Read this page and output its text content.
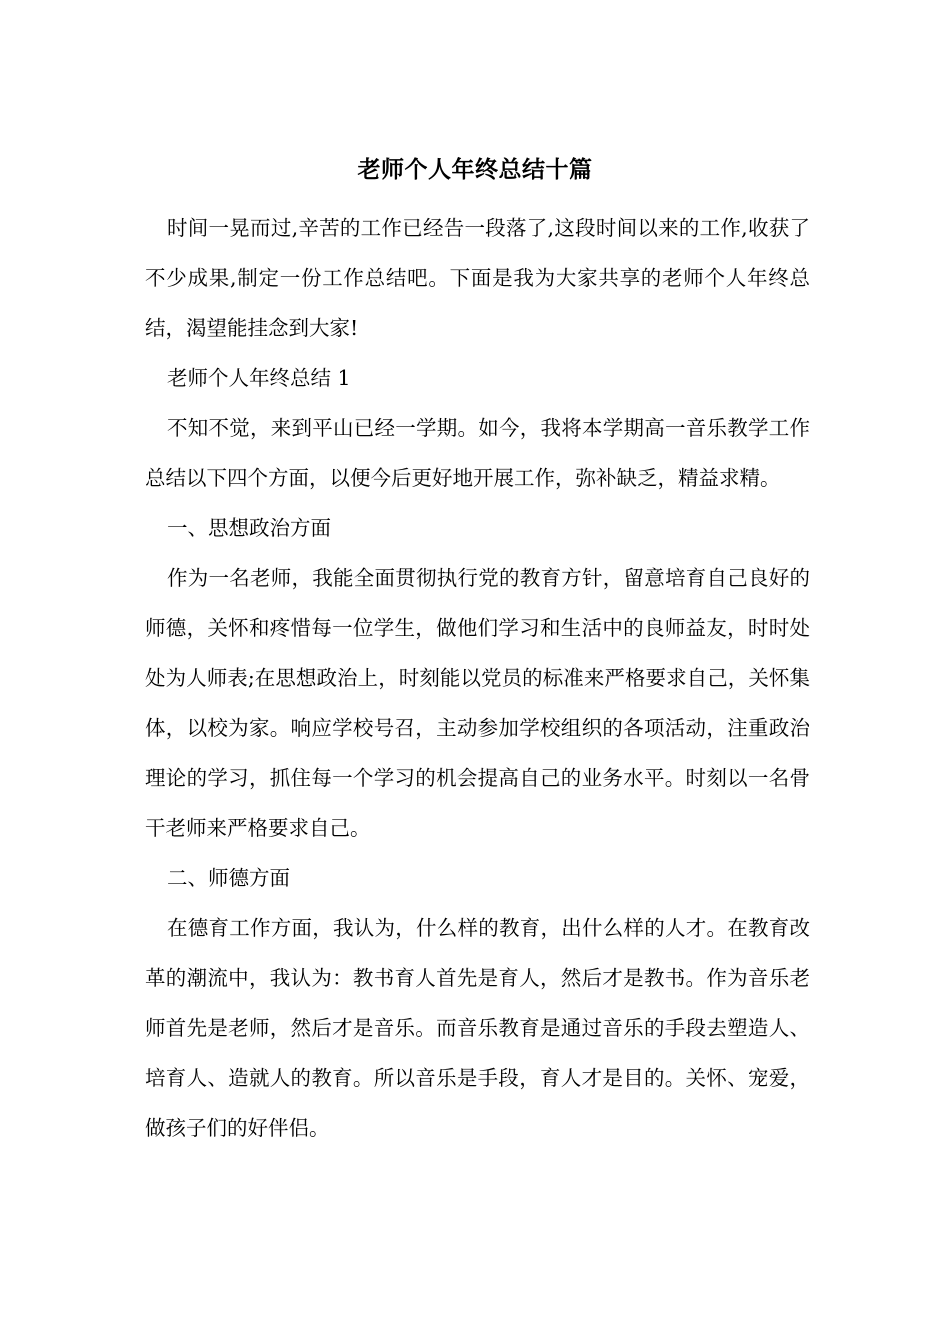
老师个人年终总结十篇

时间一晃而过,辛苦的工作已经告一段落了,这段时间以来的工作,收获了不少成果,制定一份工作总结吧。下面是我为大家共享的老师个人年终总结，渴望能挂念到大家!

老师个人年终总结 1

不知不觉，来到平山已经一学期。如今，我将本学期高一音乐教学工作总结以下四个方面，以便今后更好地开展工作，弥补缺乏，精益求精。

一、思想政治方面

作为一名老师，我能全面贯彻执行党的教育方针，留意培育自己良好的师德，关怀和疼惜每一位学生，做他们学习和生活中的良师益友，时时处处为人师表;在思想政治上，时刻能以党员的标准来严格要求自己，关怀集体，以校为家。响应学校号召，主动参加学校组织的各项活动，注重政治理论的学习，抓住每一个学习的机会提高自己的业务水平。时刻以一名骨干老师来严格要求自己。

二、师德方面

在德育工作方面，我认为，什么样的教育，出什么样的人才。在教育改革的潮流中，我认为：教书育人首先是育人，然后才是教书。作为音乐老师首先是老师，然后才是音乐。而音乐教育是通过音乐的手段去塑造人、培育人、造就人的教育。所以音乐是手段，育人才是目的。关怀、宠爱，做孩子们的好伴侣。
